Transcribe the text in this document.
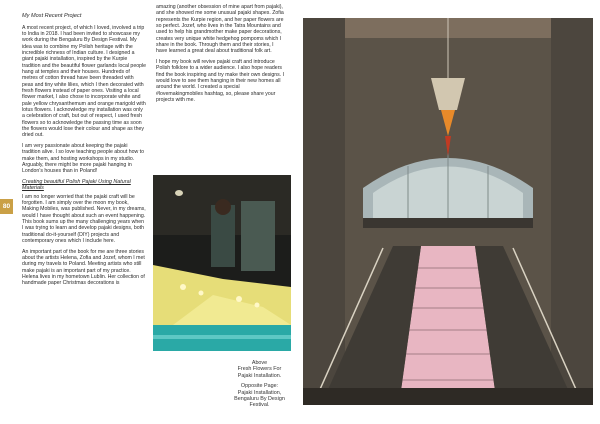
80
My Most Recent Project

A most recent project, of which I loved, involved a trip to India in 2018. I had been invited to showcase my work during the Bengaluru By Design Festival. My idea was to combine my Polish heritage with the incredible richness of Indian culture. I designed a giant pajaki installation, inspired by the Kurpie tradition and the beautiful flower garlands local people hang at temples and their houses. Hundreds of metres of cotton thread have been threaded with peas and tiny white lilies, which I then decorated with fresh flowers instead of paper ones. Visiting a local flower market, I also chose to incorporate white and pale yellow chrysanthemum and orange marigold with lotus flowers. I acknowledge my installation was only a celebration of craft, but out of respect, I used fresh flowers so to acknowledge the passing time as soon the flowers would lose their colour and shape as they dried out.

I am very passionate about keeping the pajaki tradition alive. I so love teaching people about how to make them, and hosting workshops in my studio. Arguably, there might be more pajaki hanging in London’s houses than in Poland!

Creating beautiful Polish Pajaki Using Natural Materials

I am no longer worried that the pajaki craft will be forgotten. I am simply over the moon my book, Making Mobiles, was published. Never, in my dreams, would I have thought about such an event happening. This book sums up the many challenging years when I was trying to learn and develop pajaki designs, both traditional do-it-yourself (DIY) projects and contemporary ones which I include here.

An important part of the book for me are three stories about the artists Helena, Zofia and Jozef, whom I met during my travels to Poland. Meeting artists who still make pajaki is an important part of my practice. Helena lives in my hometown Lublin. Her collection of handmade paper Christmas decorations is

amazing (another obsession of mine apart from pajaki), and she showed me some unusual pajaki shapes. Zofia represents the Kurpie region, and her paper flowers are so perfect. Jozef, who lives in the Tatra Mountains and used to help his grandmother make paper decorations, creates very unique white hedgehog pompoms which I share in the book. Through them and their stories, I have learned a great deal about traditional folk art.

I hope my book will revive pajaki craft and introduce Polish folklore to a wider audience. I also hope readers find the book inspiring and try make their own designs. I would love to see them hanging in their new homes all around the world. I created a special #lovemakingmobiles hashtag, so, please share your projects with me.

Above
Fresh Flowers For
Pajaki Installation.

Opposite Page:
Pajaki Installation,
Bengaluru By Design
Festival.
